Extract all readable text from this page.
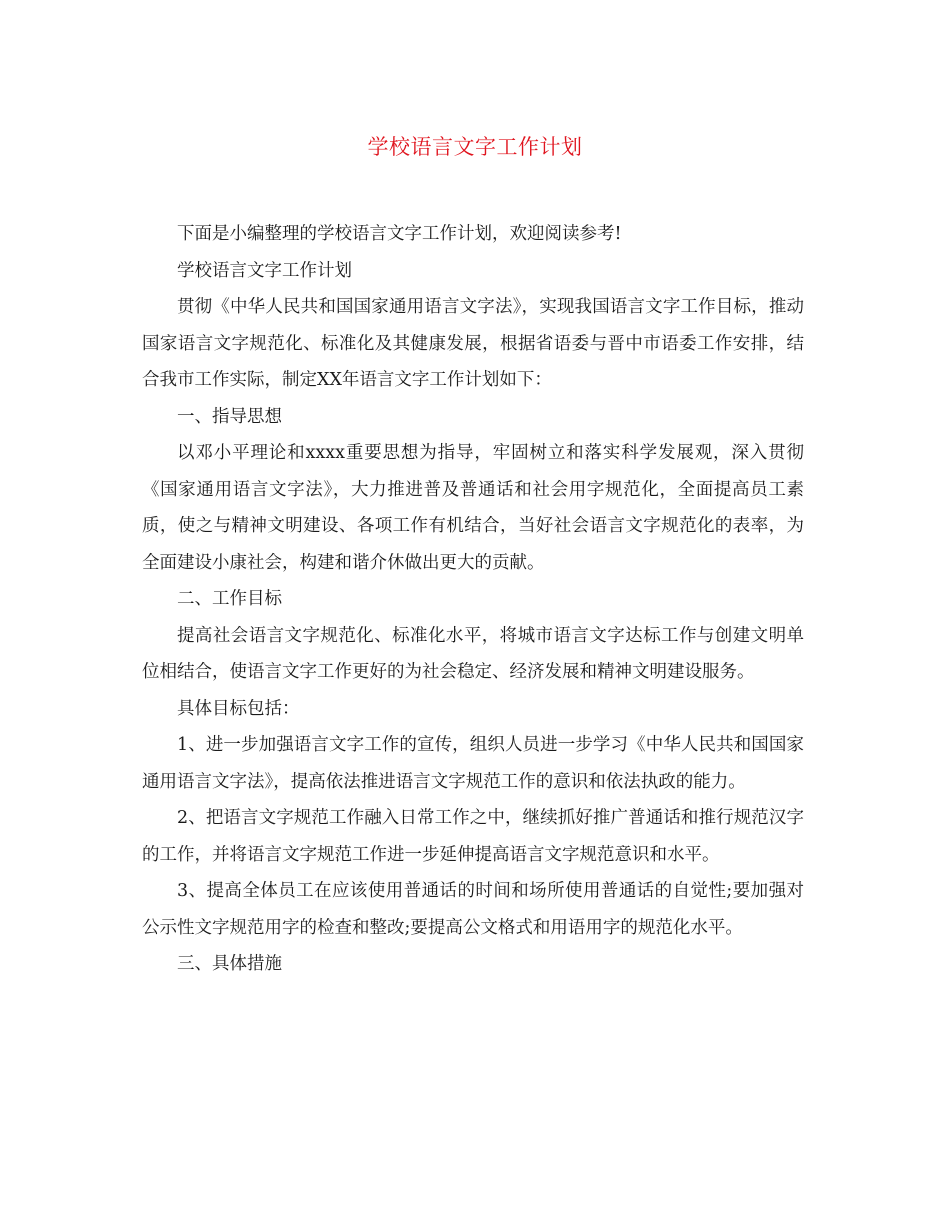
学校语言文字工作计划

下面是小编整理的学校语言文字工作计划，欢迎阅读参考!

学校语言文字工作计划

贯彻《中华人民共和国国家通用语言文字法》，实现我国语言文字工作目标，推动国家语言文字规范化、标准化及其健康发展，根据省语委与晋中市语委工作安排，结合我市工作实际，制定XX年语言文字工作计划如下：

一、指导思想

以邓小平理论和xxxx重要思想为指导，牢固树立和落实科学发展观，深入贯彻《国家通用语言文字法》，大力推进普及普通话和社会用字规范化，全面提高员工素质，使之与精神文明建设、各项工作有机结合，当好社会语言文字规范化的表率，为全面建设小康社会，构建和谐介休做出更大的贡献。

二、工作目标

提高社会语言文字规范化、标准化水平，将城市语言文字达标工作与创建文明单位相结合，使语言文字工作更好的为社会稳定、经济发展和精神文明建设服务。

具体目标包括：

1、进一步加强语言文字工作的宣传，组织人员进一步学习《中华人民共和国国家通用语言文字法》，提高依法推进语言文字规范工作的意识和依法执政的能力。

2、把语言文字规范工作融入日常工作之中，继续抓好推广普通话和推行规范汉字的工作，并将语言文字规范工作进一步延伸提高语言文字规范意识和水平。

3、提高全体员工在应该使用普通话的时间和场所使用普通话的自觉性;要加强对公示性文字规范用字的检查和整改;要提高公文格式和用语用字的规范化水平。

三、具体措施
